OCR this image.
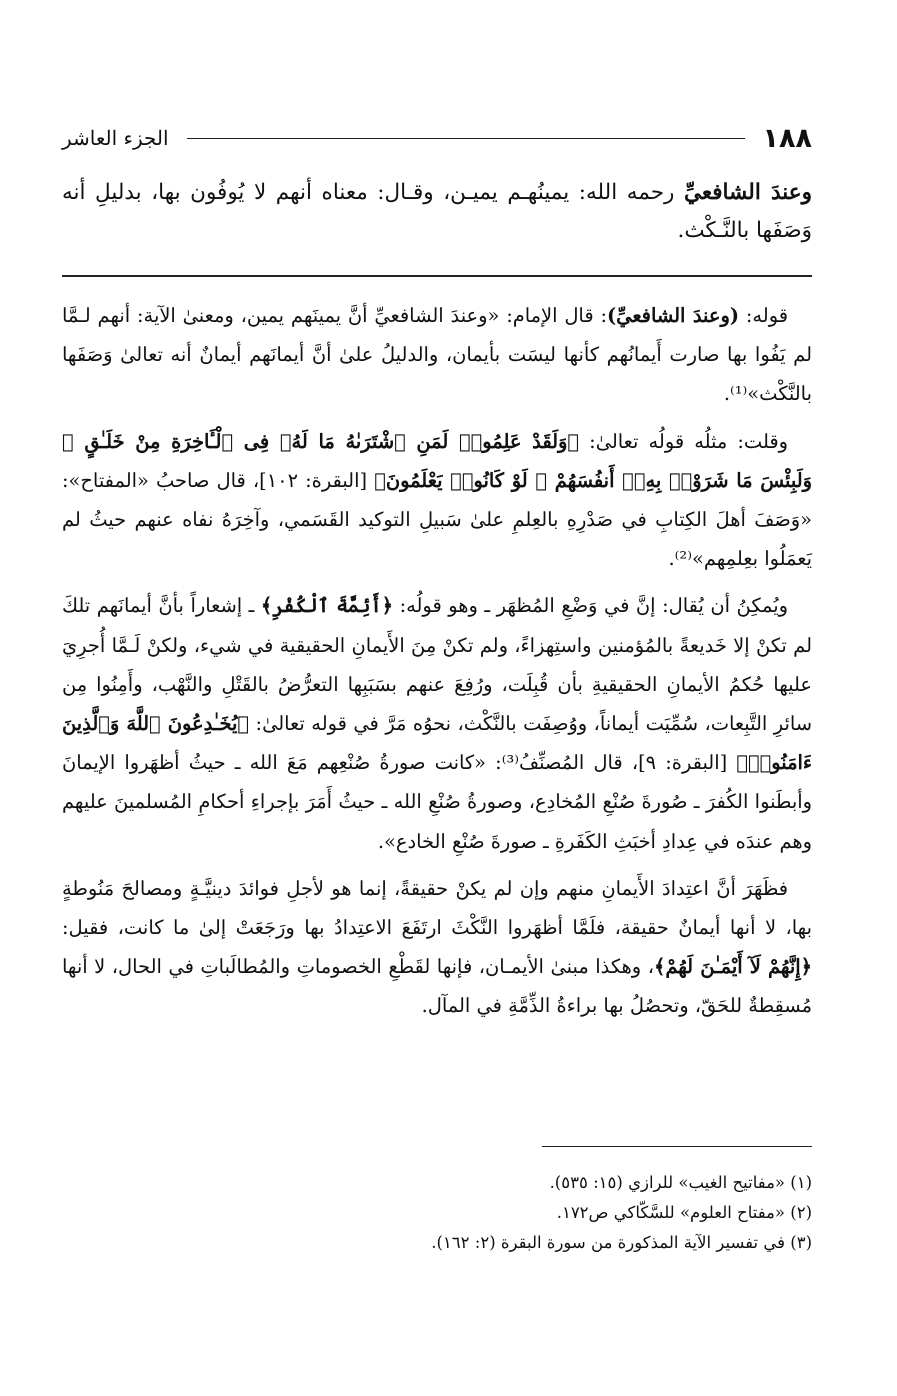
١٨٨
الجزء العاشر
وعندَ الشافعيِّ رحمه الله: يمينُهـم يميـن، وقـال: معناه أنهم لا يُوفُون بها، بدليلِ أنه وَصَفَها بالنَّـكْث.

قوله: (وعندَ الشافعيِّ): قال الإمام: «وعندَ الشافعيِّ أنَّ يمينَهم يمين، ومعنىٰ الآية: أنهم لـمَّا لم يَفُوا بها صارت أَيمانُهم كأنها ليسَت بأيمان، والدليلُ علىٰ أنَّ أيمانَهم أيمانٌ أنه تعالىٰ وَصَفَها بالنَّكْث»⁽¹⁾.

وقلت: مثلُه قولُه تعالىٰ: ﴿وَلَقَدْ عَلِمُوا۟ لَمَنِ ٱشْتَرَىٰهُ مَا لَهُۥ فِى ٱلْـَٔاخِرَةِ مِنْ خَلَـٰقٍ ۚ وَلَبِئْسَ مَا شَرَوْا۟ بِهِۦٓ أَنفُسَهُمْ ۚ لَوْ كَانُوا۟ يَعْلَمُونَ﴾ [البقرة: ١٠٢]، قال صاحبُ «المفتاح»: «وَصَفَ أهلَ الكِتابِ في صَدْرِهِ بالعِلمِ علىٰ سَبيلِ التوكيد القَسَمي، وآخِرَهُ نفاه عنهم حيثُ لم يَعمَلُوا بعِلمِهم»⁽²⁾.

ويُمكِنُ أن يُقال: إنَّ في وَضْعِ المُظهَر ـ وهو قولُه: ﴿أَئِمَّةَ ٱلْكُفْرِ﴾ ـ إشعاراً بأنَّ أيمانَهم تلكَ لم تكنْ إلا خَديعةً بالمُؤمنين واستِهزاءً، ولم تكنْ مِنَ الأَيمانِ الحقيقية في شيء، ولكنْ لَـمَّا أُجرِيَ عليها حُكمُ الأيمانِ الحقيقيةِ بأن قُبِلَت، ورُفِعَ عنهم بسَبَبِها التعرُّضُ بالقَتْلِ والنَّهْب، وأَمِنُوا مِن سائرِ التَّبِعات، سُمِّيَت أيماناً، ووُصِفَت بالنَّكْث، نحوُه مَرَّ في قوله تعالىٰ: ﴿يُخَـٰدِعُونَ ٱللَّهَ وَٱلَّذِينَ ءَامَنُوا۟﴾ [البقرة: ٩]، قال المُصنِّفُ⁽³⁾: «كانت صورةُ صُنْعِهم مَعَ الله ـ حيثُ أظهَروا الإيمانَ وأبطَنوا الكُفرَ ـ صُورةَ صُنْعِ المُخادِع، وصورةُ صُنْعِ الله ـ حيثُ أَمَرَ بإجراءِ أحكامِ المُسلمينَ عليهم وهم عندَه في عِدادِ أخبَثِ الكَفَرةِ ـ صورةَ صُنْعِ الخادع».

فظَهَرَ أنَّ اعتِدادَ الأَيمانِ منهم وإن لم يكنْ حقيقةً، إنما هو لأجلِ فوائدَ دينيَّـةٍ ومصالحَ مَنُوطةٍ بها، لا أنها أيمانٌ حقيقة، فلَمَّا أظهَروا النَّكْثَ ارتَفَعَ الاعتِدادُ بها ورَجَعَتْ إلىٰ ما كانت، فقيل: ﴿إِنَّهُمْ لَآ أَيْمَـٰنَ لَهُمْ﴾، وهكذا مبنىٰ الأيمـان، فإنها لقَطْعِ الخصوماتِ والمُطالَباتِ في الحال، لا أنها مُسقِطةٌ للحَقّ، وتحصُلُ بها براءةُ الذِّمَّةِ في المآل.

(١) «مفاتيح الغيب» للرازي (١٥: ٥٣٥).
(٢) «مفتاح العلوم» للسَّكّاكي ص١٧٢.
(٣) في تفسير الآية المذكورة من سورة البقرة (٢: ١٦٢).
